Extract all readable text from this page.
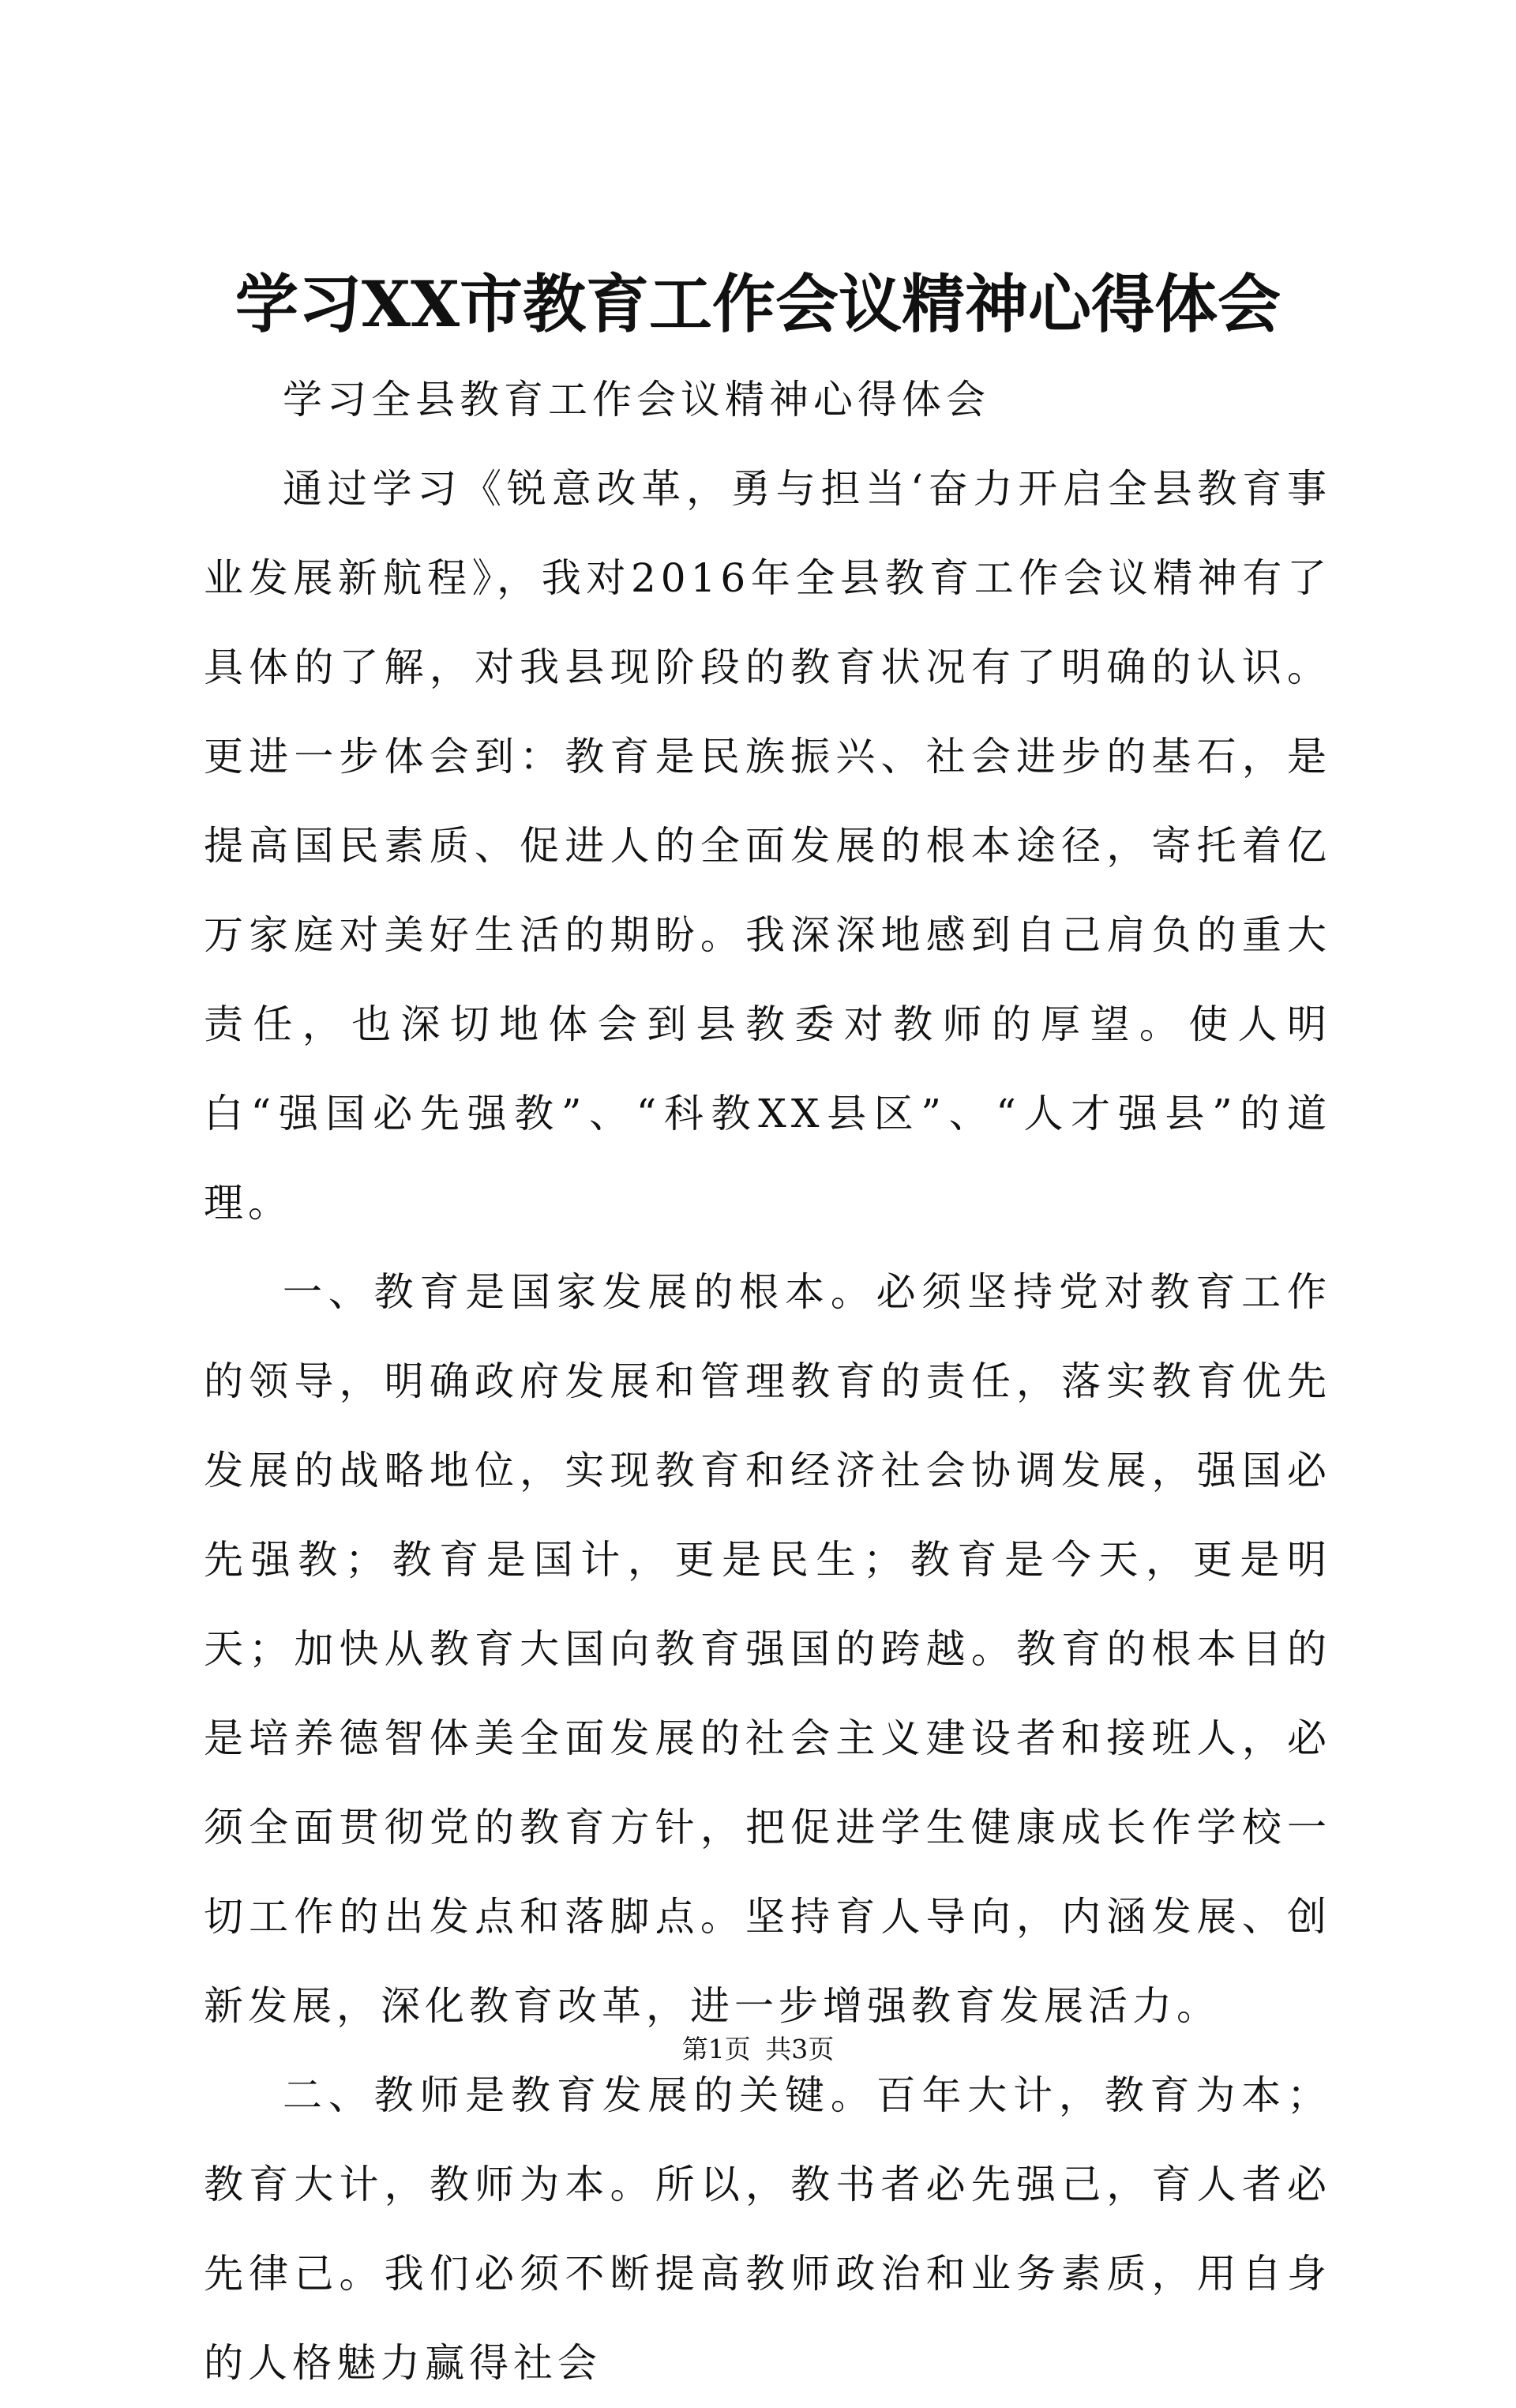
学习XX市教育工作会议精神心得体会

学习全县教育工作会议精神心得体会

通过学习《锐意改革，勇与担当‘奋力开启全县教育事业发展新航程》，我对2016年全县教育工作会议精神有了具体的了解，对我县现阶段的教育状况有了明确的认识。更进一步体会到：教育是民族振兴、社会进步的基石，是提高国民素质、促进人的全面发展的根本途径，寄托着亿万家庭对美好生活的期盼。我深深地感到自己肩负的重大责任，也深切地体会到县教委对教师的厚望。使人明白“强国必先强教”、“科教XX县区”、“人才强县”的道理。

一、教育是国家发展的根本。必须坚持党对教育工作的领导，明确政府发展和管理教育的责任，落实教育优先发展的战略地位，实现教育和经济社会协调发展，强国必先强教；教育是国计，更是民生；教育是今天，更是明天；加快从教育大国向教育强国的跨越。教育的根本目的是培养德智体美全面发展的社会主义建设者和接班人，必须全面贯彻党的教育方针，把促进学生健康成长作学校一切工作的出发点和落脚点。坚持育人导向，内涵发展、创新发展，深化教育改革，进一步增强教育发展活力。

二、教师是教育发展的关键。百年大计，教育为本；教育大计，教师为本。所以，教书者必先强己，育人者必先律己。我们必须不断提高教师政治和业务素质，用自身的人格魅力赢得社会

第1页 共3页
